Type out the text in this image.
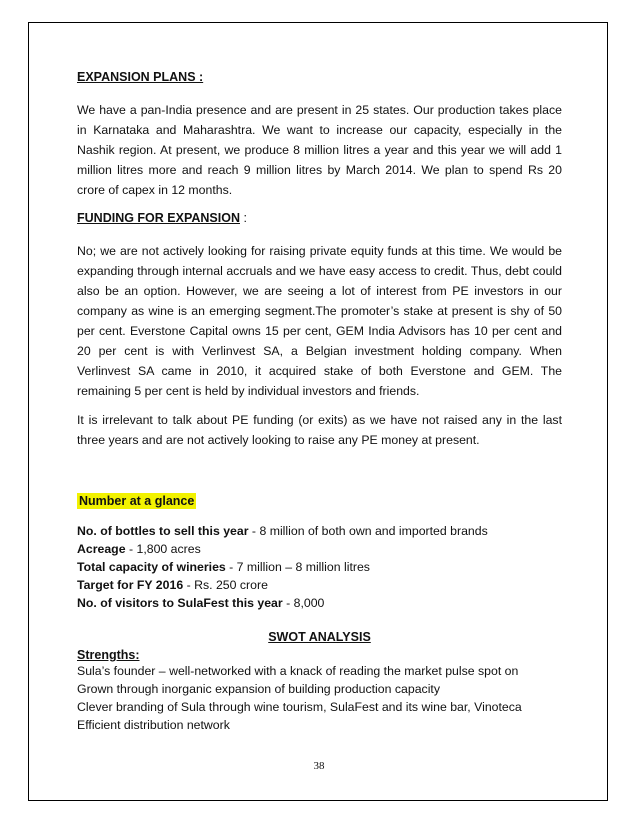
EXPANSION PLANS :

We have a pan-India presence and are present in 25 states. Our production takes place in Karnataka and Maharashtra. We want to increase our capacity, especially in the Nashik region. At present, we produce 8 million litres a year and this year we will add 1 million litres more and reach 9 million litres by March 2014. We plan to spend Rs 20 crore of capex in 12 months.

FUNDING FOR EXPANSION :

No; we are not actively looking for raising private equity funds at this time. We would be expanding through internal accruals and we have easy access to credit. Thus, debt could also be an option. However, we are seeing a lot of interest from PE investors in our company as wine is an emerging segment.The promoter’s stake at present is shy of 50 per cent. Everstone Capital owns 15 per cent, GEM India Advisors has 10 per cent and 20 per cent is with Verlinvest SA, a Belgian investment holding company. When Verlinvest SA came in 2010, it acquired stake of both Everstone and GEM. The remaining 5 per cent is held by individual investors and friends.

It is irrelevant to talk about PE funding (or exits) as we have not raised any in the last three years and are not actively looking to raise any PE money at present.

Number at a glance
No. of bottles to sell this year - 8 million of both own and imported brands
Acreage - 1,800 acres
Total capacity of wineries - 7 million – 8 million litres
Target for FY 2016 - Rs. 250 crore
No. of visitors to SulaFest this year - 8,000
SWOT ANALYSIS
Strengths:
Sula’s founder – well-networked with a knack of reading the market pulse spot on
Grown through inorganic expansion of building production capacity
Clever branding of Sula through wine tourism, SulaFest and its wine bar, Vinoteca
Efficient distribution network
38
